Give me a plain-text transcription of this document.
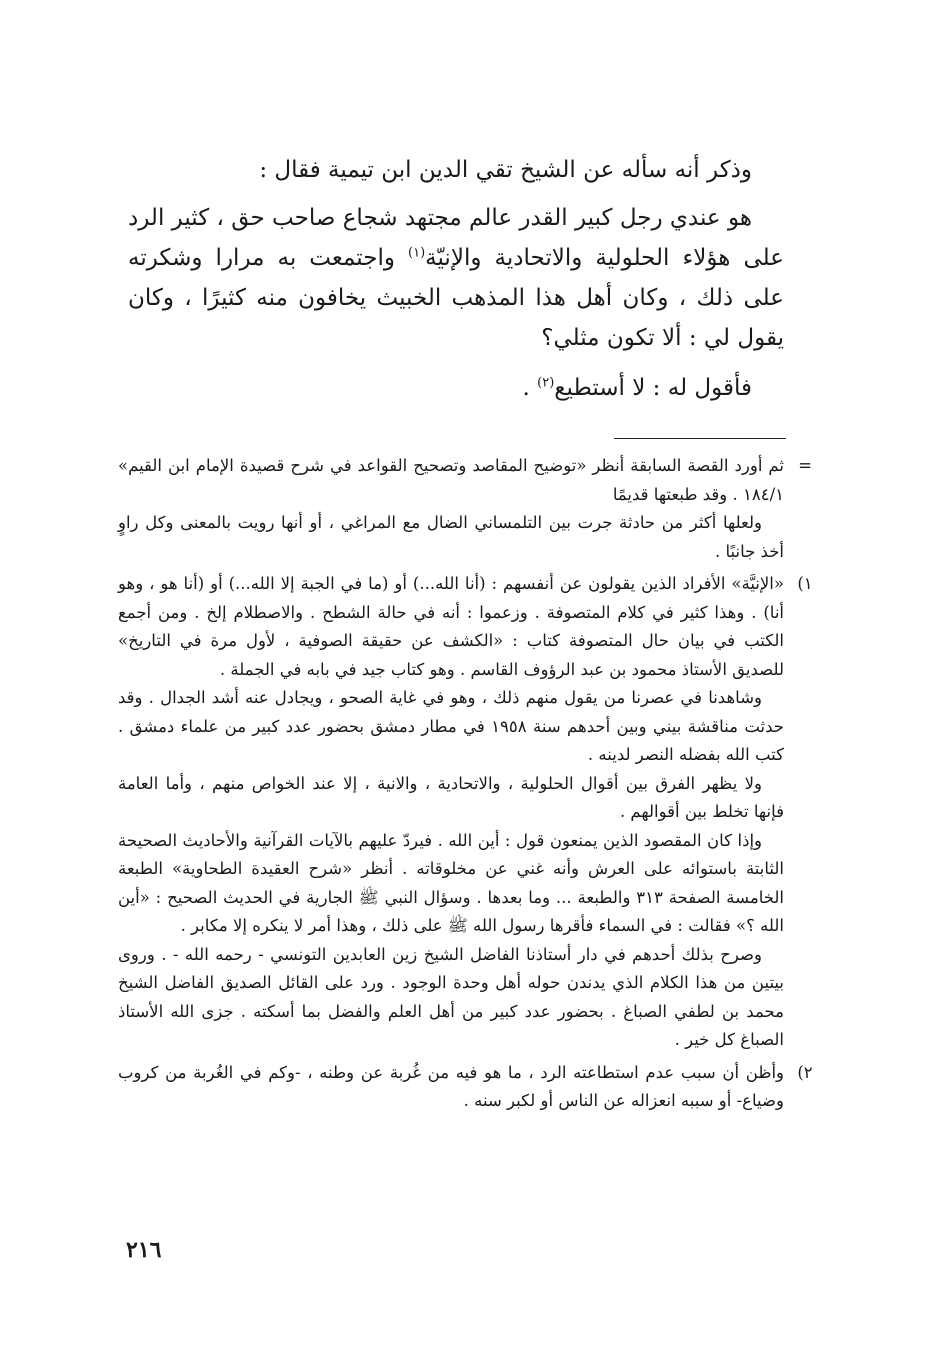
وذكر أنه سأله عن الشيخ تقي الدين ابن تيمية فقال :

هو عندي رجل كبير القدر عالم مجتهد شجاع صاحب حق ، كثير الرد على هؤلاء الحلولية والاتحادية والإنيّة$^{(١)}$ واجتمعت به مرارا وشكرته على ذلك ، وكان أهل هذا المذهب الخبيث يخافون منه كثيرًا ، وكان يقول لي : ألا تكون مثلي؟

فأقول له : لا أستطيع$^{(٢)}$ .

=

ثم أورد القصة السابقة أنظر «توضيح المقاصد وتصحيح القواعد في شرح قصيدة الإمام ابن القيم» ١٨٤/١ . وقد طبعتها قديمًا

ولعلها أكثر من حادثة جرت بين التلمساني الضال مع المراغي ، أو أنها رويت بالمعنى وكل راوٍ أخذ جانبًا .

١)

«الإنيَّة» الأفراد الذين يقولون عن أنفسهم : (أنا الله...) أو (ما في الجبة إلا الله...) أو (أنا هو ، وهو أنا) . وهذا كثير في كلام المتصوفة . وزعموا : أنه في حالة الشطح . والاصطلام إلخ . ومن أجمع الكتب في بيان حال المتصوفة كتاب : «الكشف عن حقيقة الصوفية ، لأول مرة في التاريخ» للصديق الأستاذ محمود بن عبد الرؤوف القاسم . وهو كتاب جيد في بابه في الجملة .

وشاهدنا في عصرنا من يقول منهم ذلك ، وهو في غاية الصحو ، ويجادل عنه أشد الجدال . وقد حدثت مناقشة بيني وبين أحدهم سنة ١٩٥٨ في مطار دمشق بحضور عدد كبير من علماء دمشق . كتب الله بفضله النصر لدينه .

ولا يظهر الفرق بين أقوال الحلولية ، والاتحادية ، والانية ، إلا عند الخواص منهم ، وأما العامة فإنها تخلط بين أقوالهم .

وإذا كان المقصود الذين يمنعون قول : أين الله . فيردّ عليهم بالآيات القرآنية والأحاديث الصحيحة الثابتة باستوائه على العرش وأنه غني عن مخلوقاته . أنظر «شرح العقيدة الطحاوية» الطبعة الخامسة الصفحة ٣١٣ والطبعة ... وما بعدها . وسؤال النبي ﷺ الجارية في الحديث الصحيح : «أين الله ؟» فقالت : في السماء فأقرها رسول الله ﷺ على ذلك ، وهذا أمر لا ينكره إلا مكابر .

وصرح بذلك أحدهم في دار أستاذنا الفاضل الشيخ زين العابدين التونسي - رحمه الله - . وروى بيتين من هذا الكلام الذي يدندن حوله أهل وحدة الوجود . ورد على القائل الصديق الفاضل الشيخ محمد بن لطفي الصباغ . بحضور عدد كبير من أهل العلم والفضل بما أسكته . جزى الله الأستاذ الصباغ كل خير .

٢)

وأظن أن سبب عدم استطاعته الرد ، ما هو فيه من غُربة عن وطنه ، -وكم في الغُربة من كروب وضياع- أو سببه انعزاله عن الناس أو لكبر سنه .

٢١٦
